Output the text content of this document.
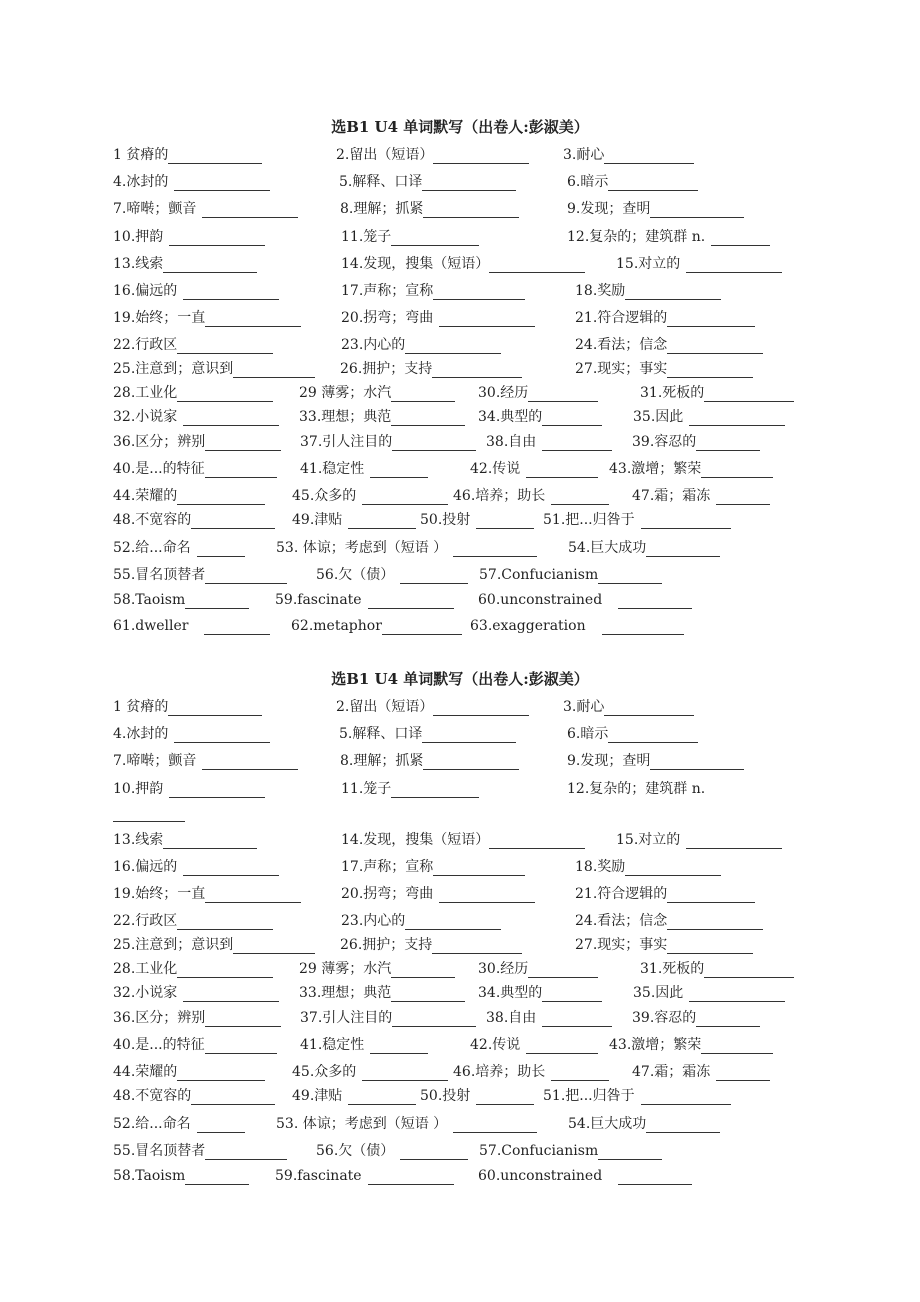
选B1 U4 单词默写（出卷人:彭淑美）
选B1 U4 单词默写（出卷人:彭淑美）
1 贫瘠的	2.留出（短语）	3.耐心
4.冰封的	5.解释、口译	6.暗示
7.啼啭；颤音	8.理解；抓紧	9.发现；查明
10.押韵	11.笼子	12.复杂的；建筑群 n.
13.线索	14.发现，搜集（短语）	15.对立的
16.偏远的	17.声称；宣称	18.奖励
19.始终；一直	20.拐弯；弯曲	21.符合逻辑的
22.行政区	23.内心的	24.看法；信念
25.注意到；意识到	26.拥护；支持	27.现实；事实
28.工业化	29 薄雾；水汽	30.经历	31.死板的
32.小说家	33.理想；典范	34.典型的	35.因此
36.区分；辨别	37.引人注目的	38.自由	39.容忍的
40.是...的特征	41.稳定性	42.传说	43.激增；繁荣
44.荣耀的	45.众多的	46.培养；助长	47.霜；霜冻
48.不宽容的	49.津贴	50.投射	51.把...归咎于
52.给...命名	53. 体谅；考虑到（短语 ）	54.巨大成功
55.冒名顶替者	56.欠（债）	57.Confucianism
58.Taoism	59.fascinate	60.unconstrained
61.dweller	62.metaphor	63.exaggeration
1 贫瘠的	2.留出（短语）	3.耐心
4.冰封的	5.解释、口译	6.暗示
7.啼啭；颤音	8.理解；抓紧	9.发现；查明
10.押韵	11.笼子	12.复杂的；建筑群 n.
13.线索	14.发现，搜集（短语）	15.对立的
16.偏远的	17.声称；宣称	18.奖励
19.始终；一直	20.拐弯；弯曲	21.符合逻辑的
22.行政区	23.内心的	24.看法；信念
25.注意到；意识到	26.拥护；支持	27.现实；事实
28.工业化	29 薄雾；水汽	30.经历	31.死板的
32.小说家	33.理想；典范	34.典型的	35.因此
36.区分；辨别	37.引人注目的	38.自由	39.容忍的
40.是...的特征	41.稳定性	42.传说	43.激增；繁荣
44.荣耀的	45.众多的	46.培养；助长	47.霜；霜冻
48.不宽容的	49.津贴	50.投射	51.把...归咎于
52.给...命名	53. 体谅；考虑到（短语 ）	54.巨大成功
55.冒名顶替者	56.欠（债）	57.Confucianism
58.Taoism	59.fascinate	60.unconstrained
